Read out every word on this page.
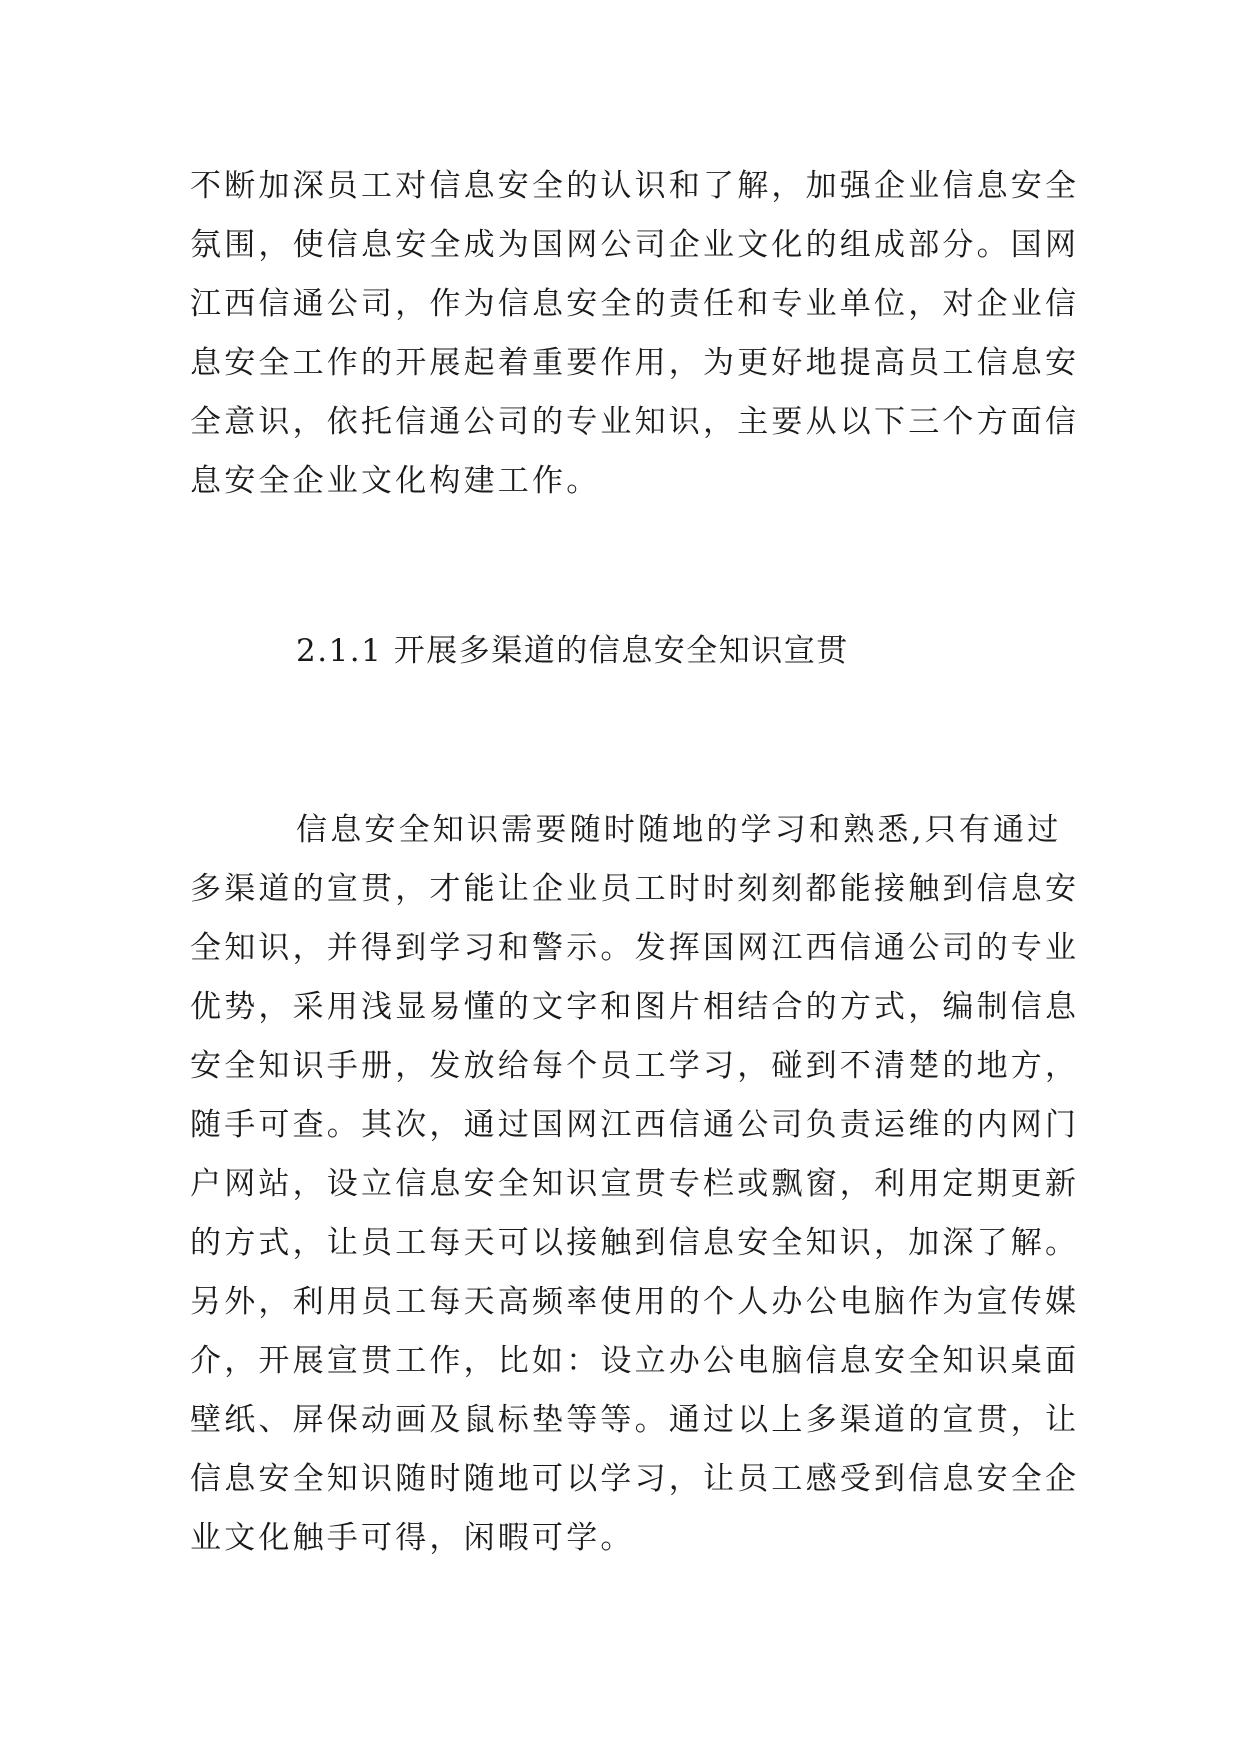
不断加深员工对信息安全的认识和了解，加强企业信息安全
氛围，使信息安全成为国网公司企业文化的组成部分。国网
江西信通公司，作为信息安全的责任和专业单位，对企业信
息安全工作的开展起着重要作用，为更好地提高员工信息安
全意识，依托信通公司的专业知识，主要从以下三个方面信
息安全企业文化构建工作。
2.1.1 开展多渠道的信息安全知识宣贯
信息安全知识需要随时随地的学习和熟悉,只有通过
多渠道的宣贯，才能让企业员工时时刻刻都能接触到信息安
全知识，并得到学习和警示。发挥国网江西信通公司的专业
优势，采用浅显易懂的文字和图片相结合的方式，编制信息
安全知识手册，发放给每个员工学习，碰到不清楚的地方，
随手可查。其次，通过国网江西信通公司负责运维的内网门
户网站，设立信息安全知识宣贯专栏或飘窗，利用定期更新
的方式，让员工每天可以接触到信息安全知识，加深了解。
另外，利用员工每天高频率使用的个人办公电脑作为宣传媒
介，开展宣贯工作，比如：设立办公电脑信息安全知识桌面
壁纸、屏保动画及鼠标垫等等。通过以上多渠道的宣贯，让
信息安全知识随时随地可以学习，让员工感受到信息安全企
业文化触手可得，闲暇可学。
